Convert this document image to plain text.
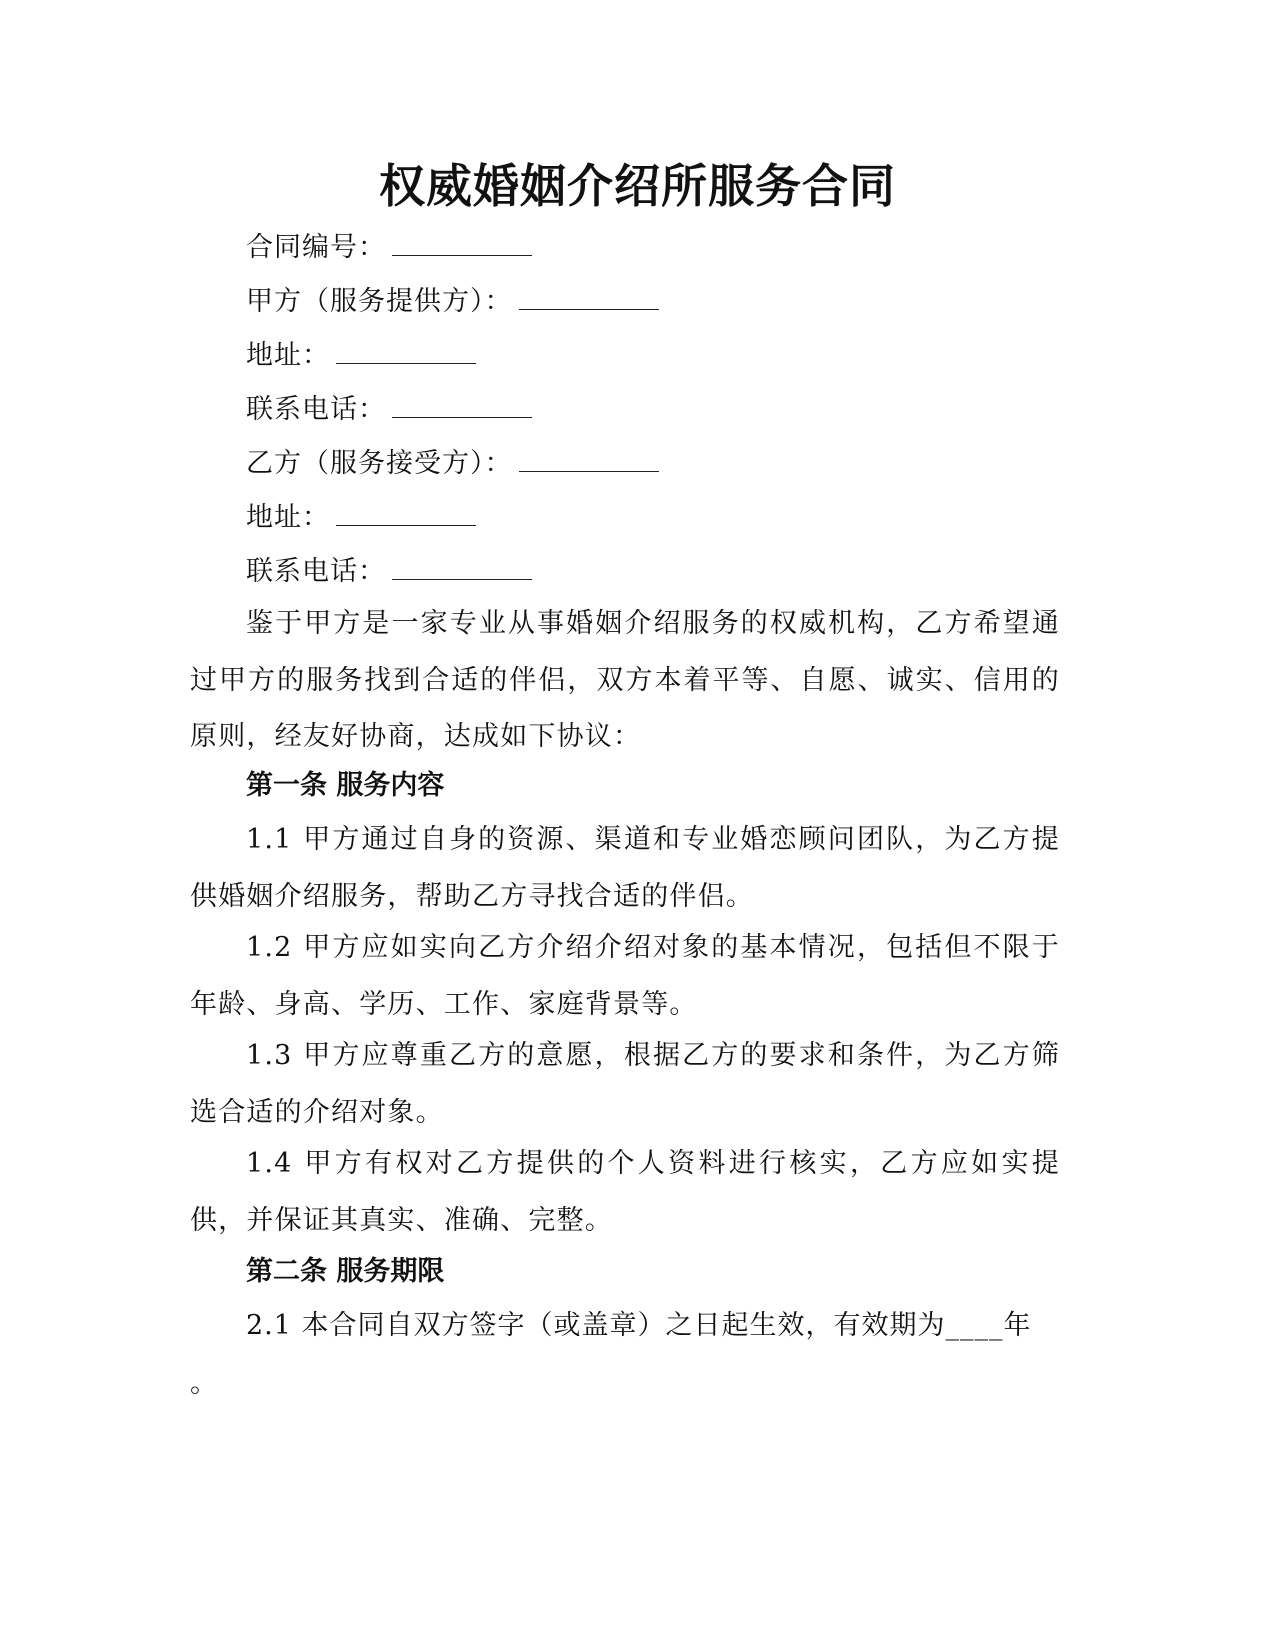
权威婚姻介绍所服务合同

合同编号：

甲方（服务提供方）：

地址：

联系电话：

乙方（服务接受方）：

地址：

联系电话：

鉴于甲方是一家专业从事婚姻介绍服务的权威机构，乙方希望通过甲方的服务找到合适的伴侣，双方本着平等、自愿、诚实、信用的原则，经友好协商，达成如下协议：

第一条 服务内容

1.1 甲方通过自身的资源、渠道和专业婚恋顾问团队，为乙方提供婚姻介绍服务，帮助乙方寻找合适的伴侣。

1.2 甲方应如实向乙方介绍介绍对象的基本情况，包括但不限于年龄、身高、学历、工作、家庭背景等。

1.3 甲方应尊重乙方的意愿，根据乙方的要求和条件，为乙方筛选合适的介绍对象。

1.4 甲方有权对乙方提供的个人资料进行核实，乙方应如实提供，并保证其真实、准确、完整。

第二条 服务期限

2.1 本合同自双方签字（或盖章）之日起生效，有效期为____年

。
